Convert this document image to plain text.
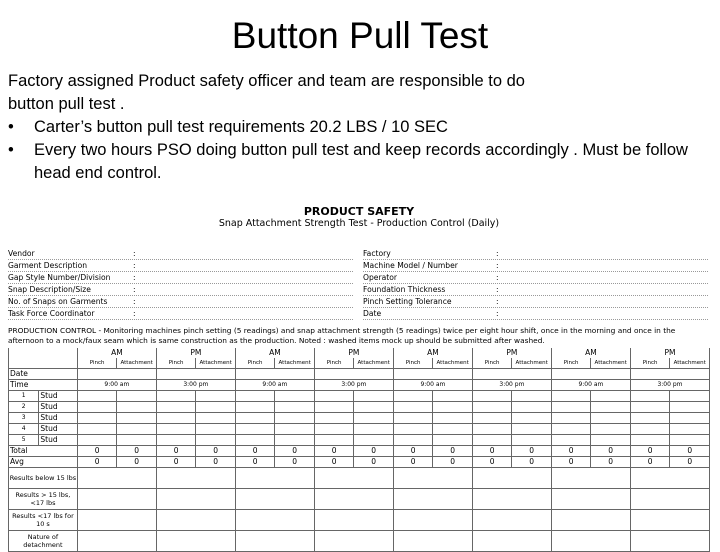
Button Pull Test

Factory assigned Product safety officer and team are responsible to do

button pull test .

• Carter’s button pull test requirements 20.2 LBS / 10 SEC

• Every two hours PSO doing button pull test and keep records accordingly . Must be follow head end control.

PRODUCT SAFETY
Snap Attachment Strength Test - Production Control (Daily)
Vendor	:
Garment Description	:
Gap Style Number/Division	:
Snap Description/Size	:
No. of Snaps on Garments	:
Task Force Coordinator	:
Factory	:
Machine Model / Number	:
Operator	:
Foundation Thickness	:
Pinch Setting Tolerance	:
Date	:
PRODUCTION CONTROL - Monitoring machines pinch setting (5 readings) and snap attachment strength (5 readings) twice per eight hour shift, once in the morning and once in the afternoon to a mock/faux seam which is same construction as the production. Noted : washed items mock up should be submitted after washed.
		AM		PM		AM		PM		AM		PM		AM		PM	
		Pinch	Attachment	Pinch	Attachment	Pinch	Attachment	Pinch	Attachment	Pinch	Attachment	Pinch	Attachment	Pinch	Attachment	Pinch	Attachment
Date																	
Time		9:00 am		3:00 pm		9:00 am		3:00 pm		9:00 am		3:00 pm		9:00 am		3:00 pm	
1	Stud																
2	Stud																
3	Stud																
4	Stud																
5	Stud																
Total		0	0	0	0	0	0	0	0	0	0	0	0	0	0	0	0
Avg		0	0	0	0	0	0	0	0	0	0	0	0	0	0	0	0
Results below 15 lbs																	
Results > 15 lbs, <17 lbs																	
Results <17 lbs for 10 s																	
Nature of detachment																	
